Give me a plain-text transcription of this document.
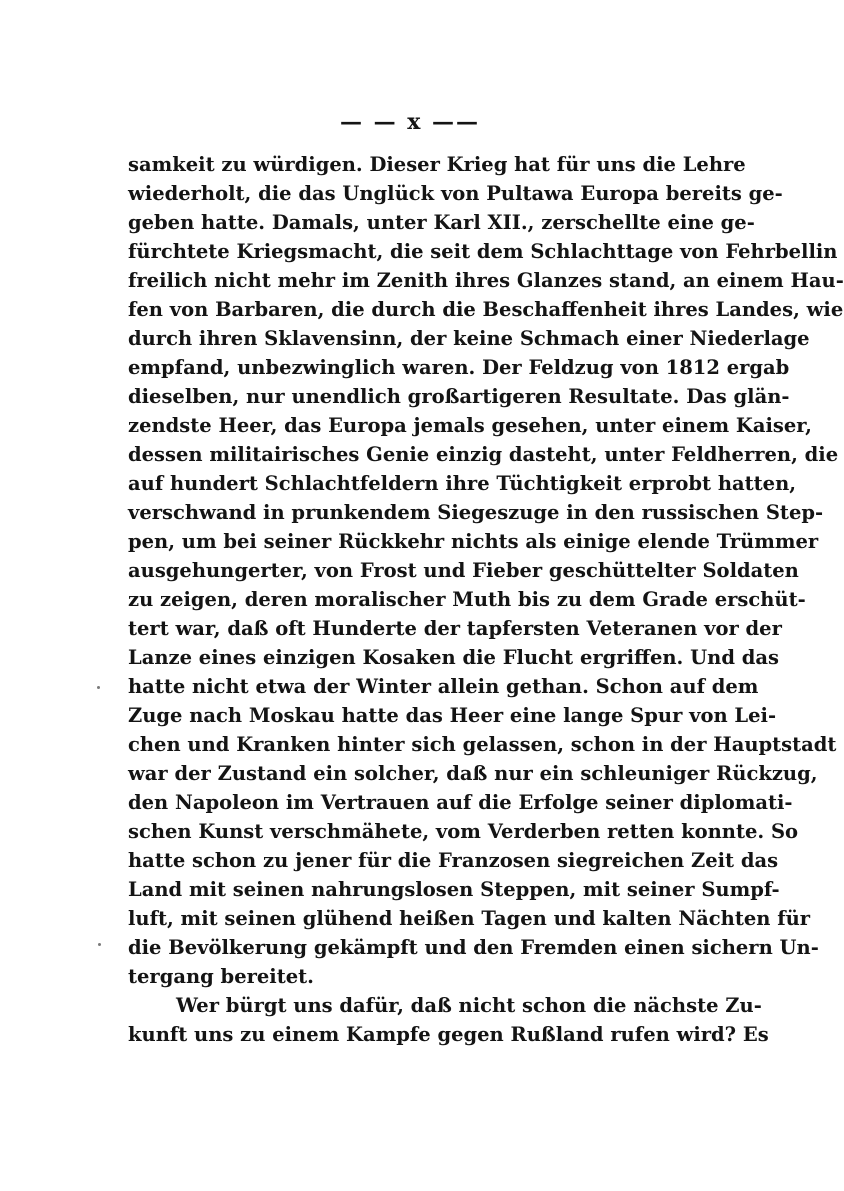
— — x ——
samkeit zu würdigen. Dieser Krieg hat für uns die Lehre
wiederholt, die das Unglück von Pultawa Europa bereits ge-
geben hatte. Damals, unter Karl XII., zerschellte eine ge-
fürchtete Kriegsmacht, die seit dem Schlachttage von Fehrbellin
freilich nicht mehr im Zenith ihres Glanzes stand, an einem Hau-
fen von Barbaren, die durch die Beschaffenheit ihres Landes, wie
durch ihren Sklavensinn, der keine Schmach einer Niederlage
empfand, unbezwinglich waren. Der Feldzug von 1812 ergab
dieselben, nur unendlich großartigeren Resultate. Das glän-
zendste Heer, das Europa jemals gesehen, unter einem Kaiser,
dessen militairisches Genie einzig dasteht, unter Feldherren, die
auf hundert Schlachtfeldern ihre Tüchtigkeit erprobt hatten,
verschwand in prunkendem Siegeszuge in den russischen Step-
pen, um bei seiner Rückkehr nichts als einige elende Trümmer
ausgehungerter, von Frost und Fieber geschüttelter Soldaten
zu zeigen, deren moralischer Muth bis zu dem Grade erschüt-
tert war, daß oft Hunderte der tapfersten Veteranen vor der
Lanze eines einzigen Kosaken die Flucht ergriffen. Und das
hatte nicht etwa der Winter allein gethan. Schon auf dem
Zuge nach Moskau hatte das Heer eine lange Spur von Lei-
chen und Kranken hinter sich gelassen, schon in der Hauptstadt
war der Zustand ein solcher, daß nur ein schleuniger Rückzug,
den Napoleon im Vertrauen auf die Erfolge seiner diplomati-
schen Kunst verschmähete, vom Verderben retten konnte. So
hatte schon zu jener für die Franzosen siegreichen Zeit das
Land mit seinen nahrungslosen Steppen, mit seiner Sumpf-
luft, mit seinen glühend heißen Tagen und kalten Nächten für
die Bevölkerung gekämpft und den Fremden einen sichern Un-
tergang bereitet.
Wer bürgt uns dafür, daß nicht schon die nächste Zu-
kunft uns zu einem Kampfe gegen Rußland rufen wird? Es
